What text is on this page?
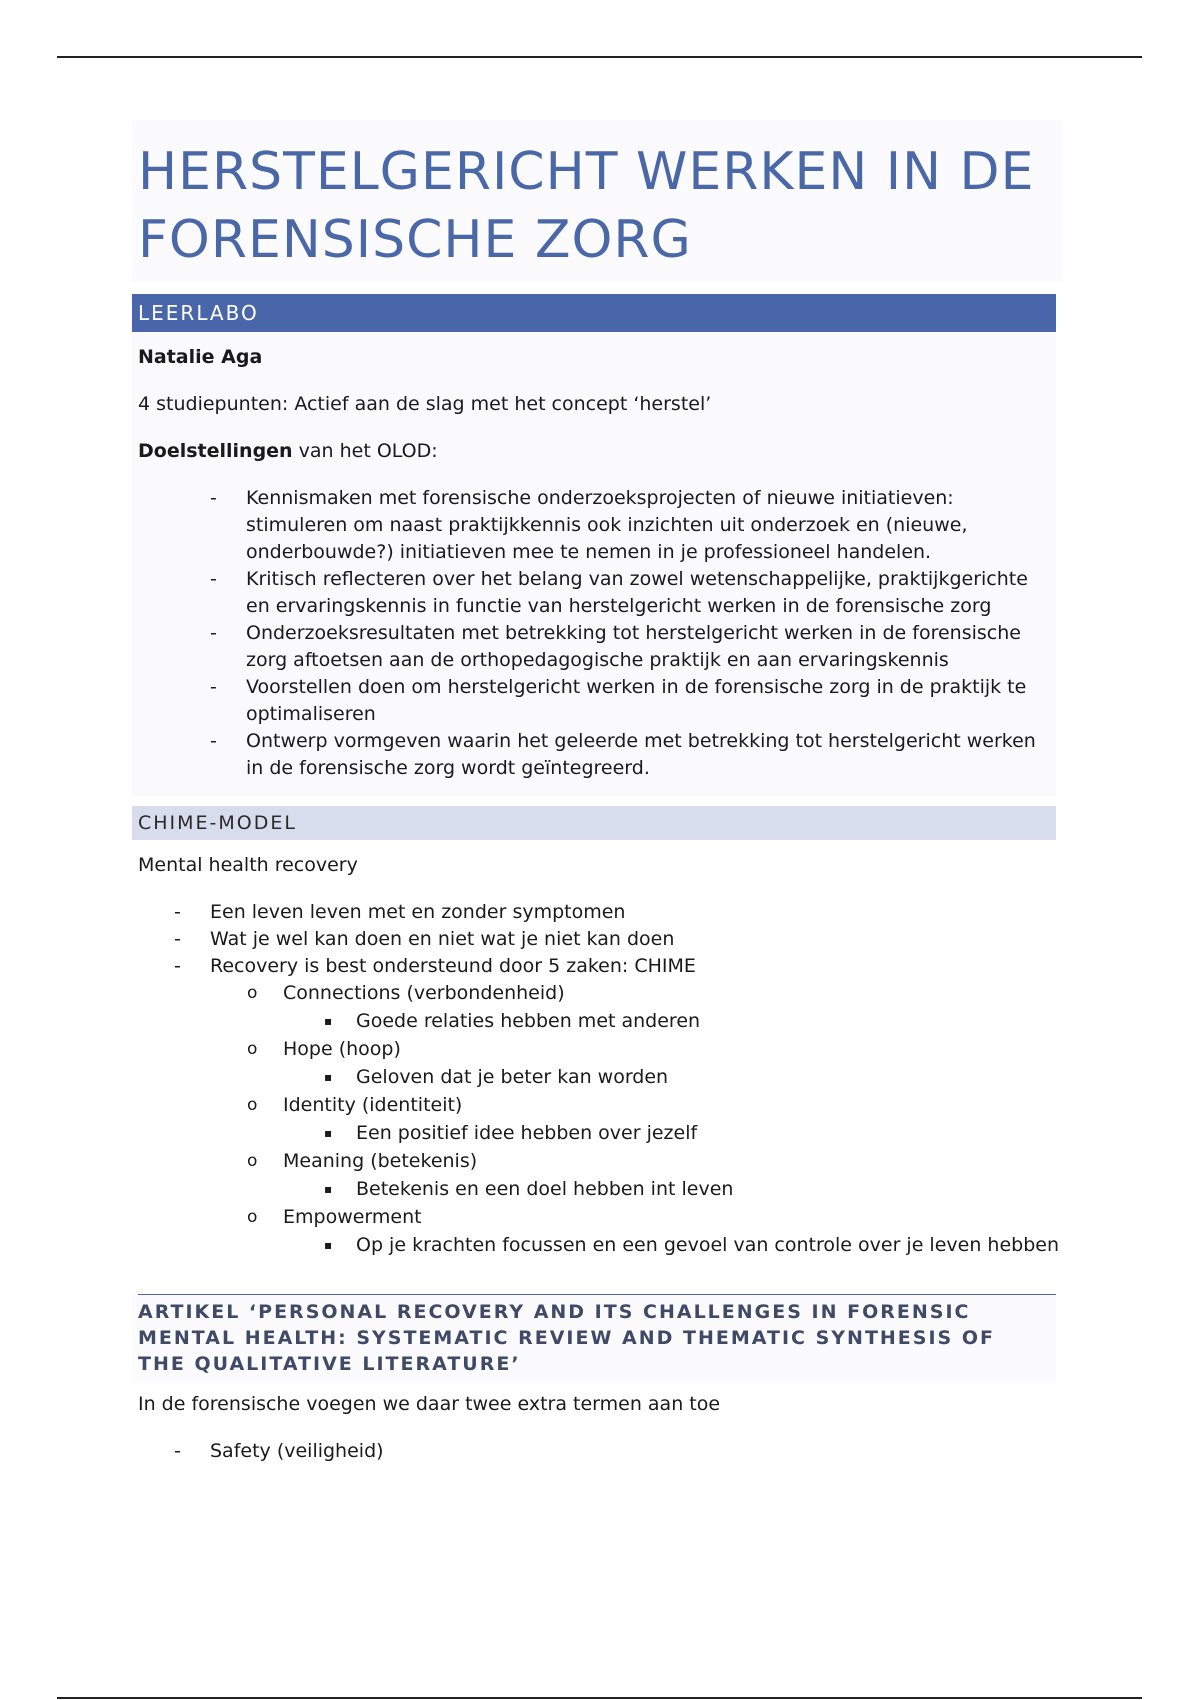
HERSTELGERICHT WERKEN IN DE FORENSISCHE ZORG
LEERLABO

Natalie Aga

4 studiepunten: Actief aan de slag met het concept ‘herstel’

Doelstellingen van het OLOD:

- Kennismaken met forensische onderzoeksprojecten of nieuwe initiatieven: stimuleren om naast praktijkkennis ook inzichten uit onderzoek en (nieuwe, onderbouwde?) initiatieven mee te nemen in je professioneel handelen.
- Kritisch reflecteren over het belang van zowel wetenschappelijke, praktijkgerichte en ervaringskennis in functie van herstelgericht werken in de forensische zorg
- Onderzoeksresultaten met betrekking tot herstelgericht werken in de forensische zorg aftoetsen aan de orthopedagogische praktijk en aan ervaringskennis
- Voorstellen doen om herstelgericht werken in de forensische zorg in de praktijk te optimaliseren
- Ontwerp vormgeven waarin het geleerde met betrekking tot herstelgericht werken in de forensische zorg wordt geïntegreerd.
CHIME-MODEL

Mental health recovery

- Een leven leven met en zonder symptomen
- Wat je wel kan doen en niet wat je niet kan doen
- Recovery is best ondersteund door 5 zaken: CHIME
o Connections (verbondenheid)
▪ Goede relaties hebben met anderen
o Hope (hoop)
▪ Geloven dat je beter kan worden
o Identity (identiteit)
▪ Een positief idee hebben over jezelf
o Meaning (betekenis)
▪ Betekenis en een doel hebben int leven
o Empowerment
▪ Op je krachten focussen en een gevoel van controle over je leven hebben
ARTIKEL ‘PERSONAL RECOVERY AND ITS CHALLENGES IN FORENSIC MENTAL HEALTH: SYSTEMATIC REVIEW AND THEMATIC SYNTHESIS OF THE QUALITATIVE LITERATURE’

In de forensische voegen we daar twee extra termen aan toe

- Safety (veiligheid)
